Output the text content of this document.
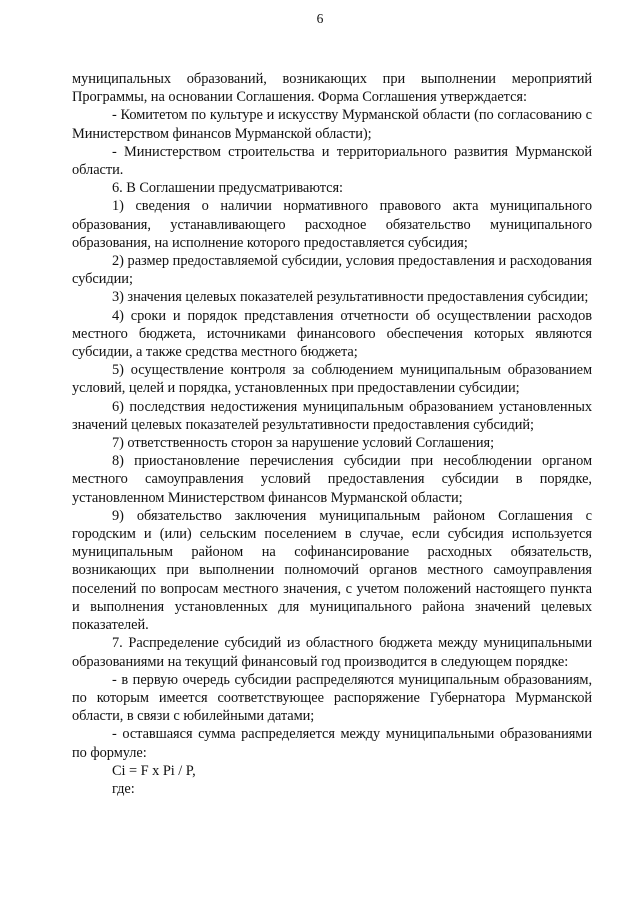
6

муниципальных образований, возникающих при выполнении мероприятий Программы, на основании Соглашения. Форма Соглашения утверждается:

- Комитетом по культуре и искусству Мурманской области (по согласованию с Министерством финансов Мурманской области);

- Министерством строительства и территориального развития Мурманской области.

6. В Соглашении предусматриваются:

1) сведения о наличии нормативного правового акта муниципального образования, устанавливающего расходное обязательство муниципального образования, на исполнение которого предоставляется субсидия;

2) размер предоставляемой субсидии, условия предоставления и расходования субсидии;

3) значения целевых показателей результативности предоставления субсидии;

4) сроки и порядок представления отчетности об осуществлении расходов местного бюджета, источниками финансового обеспечения которых являются субсидии, а также средства местного бюджета;

5) осуществление контроля за соблюдением муниципальным образованием условий, целей и порядка, установленных при предоставлении субсидии;

6) последствия недостижения муниципальным образованием установленных значений целевых показателей результативности предоставления субсидий;

7) ответственность сторон за нарушение условий Соглашения;

8) приостановление перечисления субсидии при несоблюдении органом местного самоуправления условий предоставления субсидии в порядке, установленном Министерством финансов Мурманской области;

9) обязательство заключения муниципальным районом Соглашения с городским и (или) сельским поселением в случае, если субсидия используется муниципальным районом на софинансирование расходных обязательств, возникающих при выполнении полномочий органов местного самоуправления поселений по вопросам местного значения, с учетом положений настоящего пункта и выполнения установленных для муниципального района значений целевых показателей.

7. Распределение субсидий из областного бюджета между муниципальными образованиями на текущий финансовый год производится в следующем порядке:

- в первую очередь субсидии распределяются муниципальным образованиям, по которым имеется соответствующее распоряжение Губернатора Мурманской области, в связи с юбилейными датами;

- оставшаяся сумма распределяется между муниципальными образованиями по формуле:

Ci = F x Pi / P,

где:
